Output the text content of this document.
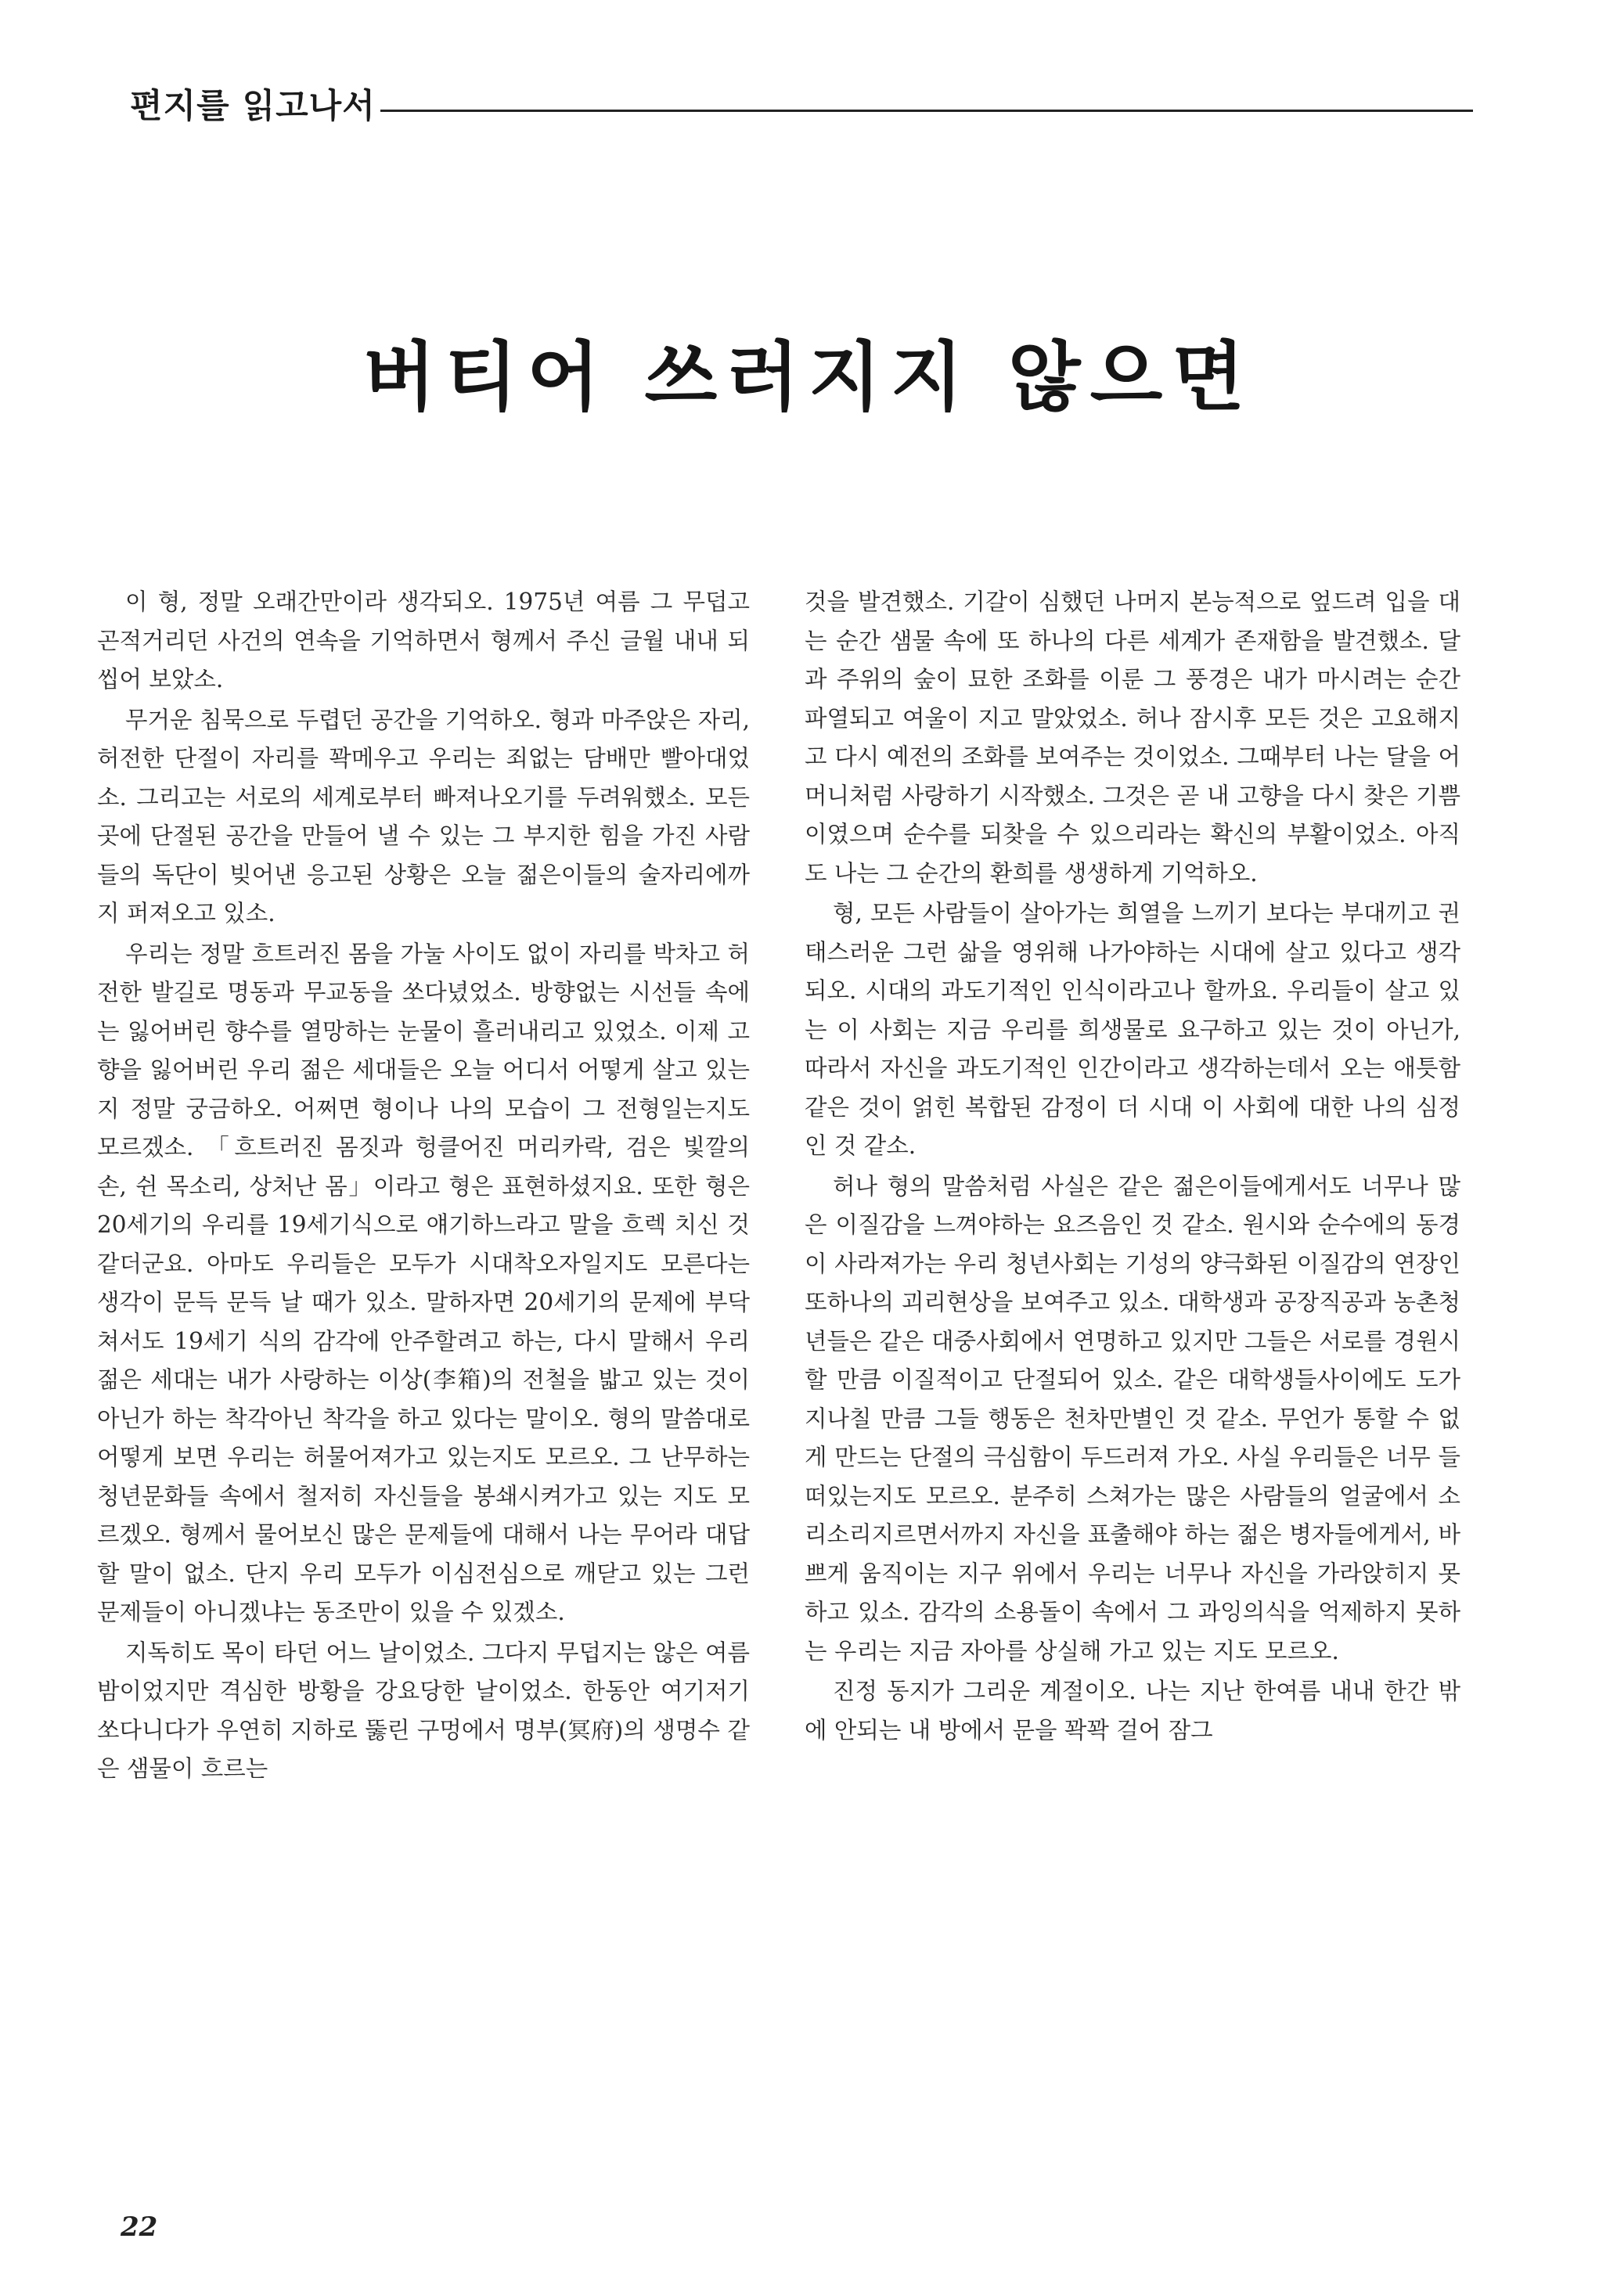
편지를 읽고나서
버티어 쓰러지지 않으면

이 형, 정말 오래간만이라 생각되오. 1975년 여름 그 무덥고 곤적거리던 사건의 연속을 기억하면서 형께서 주신 글월 내내 되씹어 보았소.

무거운 침묵으로 두렵던 공간을 기억하오. 형과 마주앉은 자리, 허전한 단절이 자리를 꽉메우고 우리는 죄없는 담배만 빨아대었소. 그리고는 서로의 세계로부터 빠져나오기를 두려워했소. 모든 곳에 단절된 공간을 만들어 낼 수 있는 그 부지한 힘을 가진 사람들의 독단이 빚어낸 응고된 상황은 오늘 젊은이들의 술자리에까지 퍼져오고 있소.

우리는 정말 흐트러진 몸을 가눌 사이도 없이 자리를 박차고 허전한 발길로 명동과 무교동을 쏘다녔었소. 방향없는 시선들 속에는 잃어버린 향수를 열망하는 눈물이 흘러내리고 있었소. 이제 고향을 잃어버린 우리 젊은 세대들은 오늘 어디서 어떻게 살고 있는 지 정말 궁금하오. 어쩌면 형이나 나의 모습이 그 전형일는지도 모르겠소. 「흐트러진 몸짓과 헝클어진 머리카락, 검은 빛깔의 손, 쉰 목소리, 상처난 몸」이라고 형은 표현하셨지요. 또한 형은 20세기의 우리를 19세기식으로 얘기하느라고 말을 흐렉 치신 것 같더군요. 아마도 우리들은 모두가 시대착오자일지도 모른다는 생각이 문득 문득 날 때가 있소. 말하자면 20세기의 문제에 부닥쳐서도 19세기 식의 감각에 안주할려고 하는, 다시 말해서 우리 젊은 세대는 내가 사랑하는 이상(李箱)의 전철을 밟고 있는 것이 아닌가 하는 착각아닌 착각을 하고 있다는 말이오. 형의 말씀대로 어떻게 보면 우리는 허물어져가고 있는지도 모르오. 그 난무하는 청년문화들 속에서 철저히 자신들을 봉쇄시켜가고 있는 지도 모르겠오. 형께서 물어보신 많은 문제들에 대해서 나는 무어라 대답할 말이 없소. 단지 우리 모두가 이심전심으로 깨닫고 있는 그런 문제들이 아니겠냐는 동조만이 있을 수 있겠소.

지독히도 목이 타던 어느 날이었소. 그다지 무덥지는 않은 여름밤이었지만 격심한 방황을 강요당한 날이었소. 한동안 여기저기 쏘다니다가 우연히 지하로 뚫린 구멍에서 명부(冥府)의 생명수 같은 샘물이 흐르는

것을 발견했소. 기갈이 심했던 나머지 본능적으로 엎드려 입을 대는 순간 샘물 속에 또 하나의 다른 세계가 존재함을 발견했소. 달과 주위의 숲이 묘한 조화를 이룬 그 풍경은 내가 마시려는 순간 파열되고 여울이 지고 말았었소. 허나 잠시후 모든 것은 고요해지고 다시 예전의 조화를 보여주는 것이었소. 그때부터 나는 달을 어머니처럼 사랑하기 시작했소. 그것은 곧 내 고향을 다시 찾은 기쁨이였으며 순수를 되찾을 수 있으리라는 확신의 부활이었소. 아직도 나는 그 순간의 환희를 생생하게 기억하오.

형, 모든 사람들이 살아가는 희열을 느끼기 보다는 부대끼고 권태스러운 그런 삶을 영위해 나가야하는 시대에 살고 있다고 생각되오. 시대의 과도기적인 인식이라고나 할까요. 우리들이 살고 있는 이 사회는 지금 우리를 희생물로 요구하고 있는 것이 아닌가, 따라서 자신을 과도기적인 인간이라고 생각하는데서 오는 애틋함 같은 것이 얽힌 복합된 감정이 더 시대 이 사회에 대한 나의 심정인 것 같소.

허나 형의 말씀처럼 사실은 같은 젊은이들에게서도 너무나 많은 이질감을 느껴야하는 요즈음인 것 같소. 원시와 순수에의 동경이 사라져가는 우리 청년사회는 기성의 양극화된 이질감의 연장인 또하나의 괴리현상을 보여주고 있소. 대학생과 공장직공과 농촌청년들은 같은 대중사회에서 연명하고 있지만 그들은 서로를 경원시할 만큼 이질적이고 단절되어 있소. 같은 대학생들사이에도 도가 지나칠 만큼 그들 행동은 천차만별인 것 같소. 무언가 통할 수 없게 만드는 단절의 극심함이 두드러져 가오. 사실 우리들은 너무 들떠있는지도 모르오. 분주히 스쳐가는 많은 사람들의 얼굴에서 소리소리지르면서까지 자신을 표출해야 하는 젊은 병자들에게서, 바쁘게 움직이는 지구 위에서 우리는 너무나 자신을 가라앉히지 못하고 있소. 감각의 소용돌이 속에서 그 과잉의식을 억제하지 못하는 우리는 지금 자아를 상실해 가고 있는 지도 모르오.

진정 동지가 그리운 계절이오. 나는 지난 한여름 내내 한간 밖에 안되는 내 방에서 문을 꽉꽉 걸어 잠그

22
